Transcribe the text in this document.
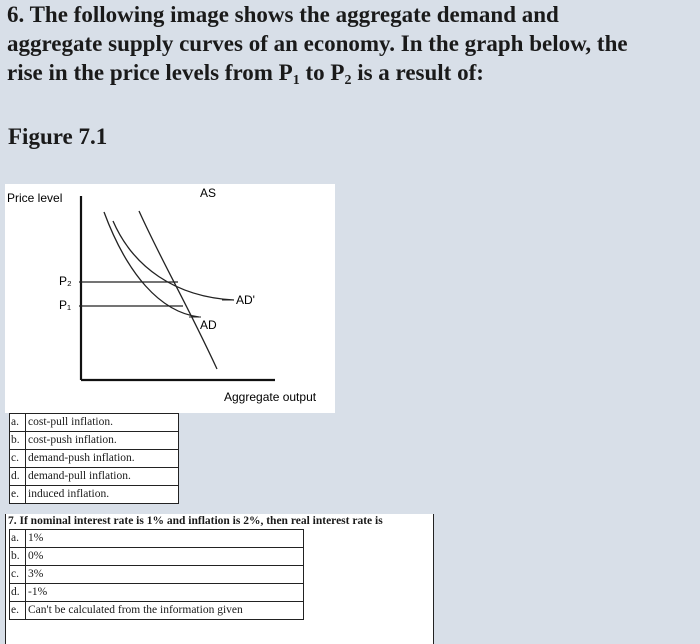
6. The following image shows the aggregate demand and
aggregate supply curves of an economy. In the graph below, the
rise in the price levels from $P_1$ to $P_2$ is a result of:
Figure 7.1
Price level	AS
P₂
P₁	AD'
AD
Aggregate output
a.	cost-pull inflation.
b.	cost-push inflation.
c.	demand-push inflation.
d.	demand-pull inflation.
e.	induced inflation.
7. If nominal interest rate is 1% and inflation is 2%, then real interest rate is
a.	1%
b.	0%
c.	3%
d.	-1%
e.	Can't be calculated from the information given
